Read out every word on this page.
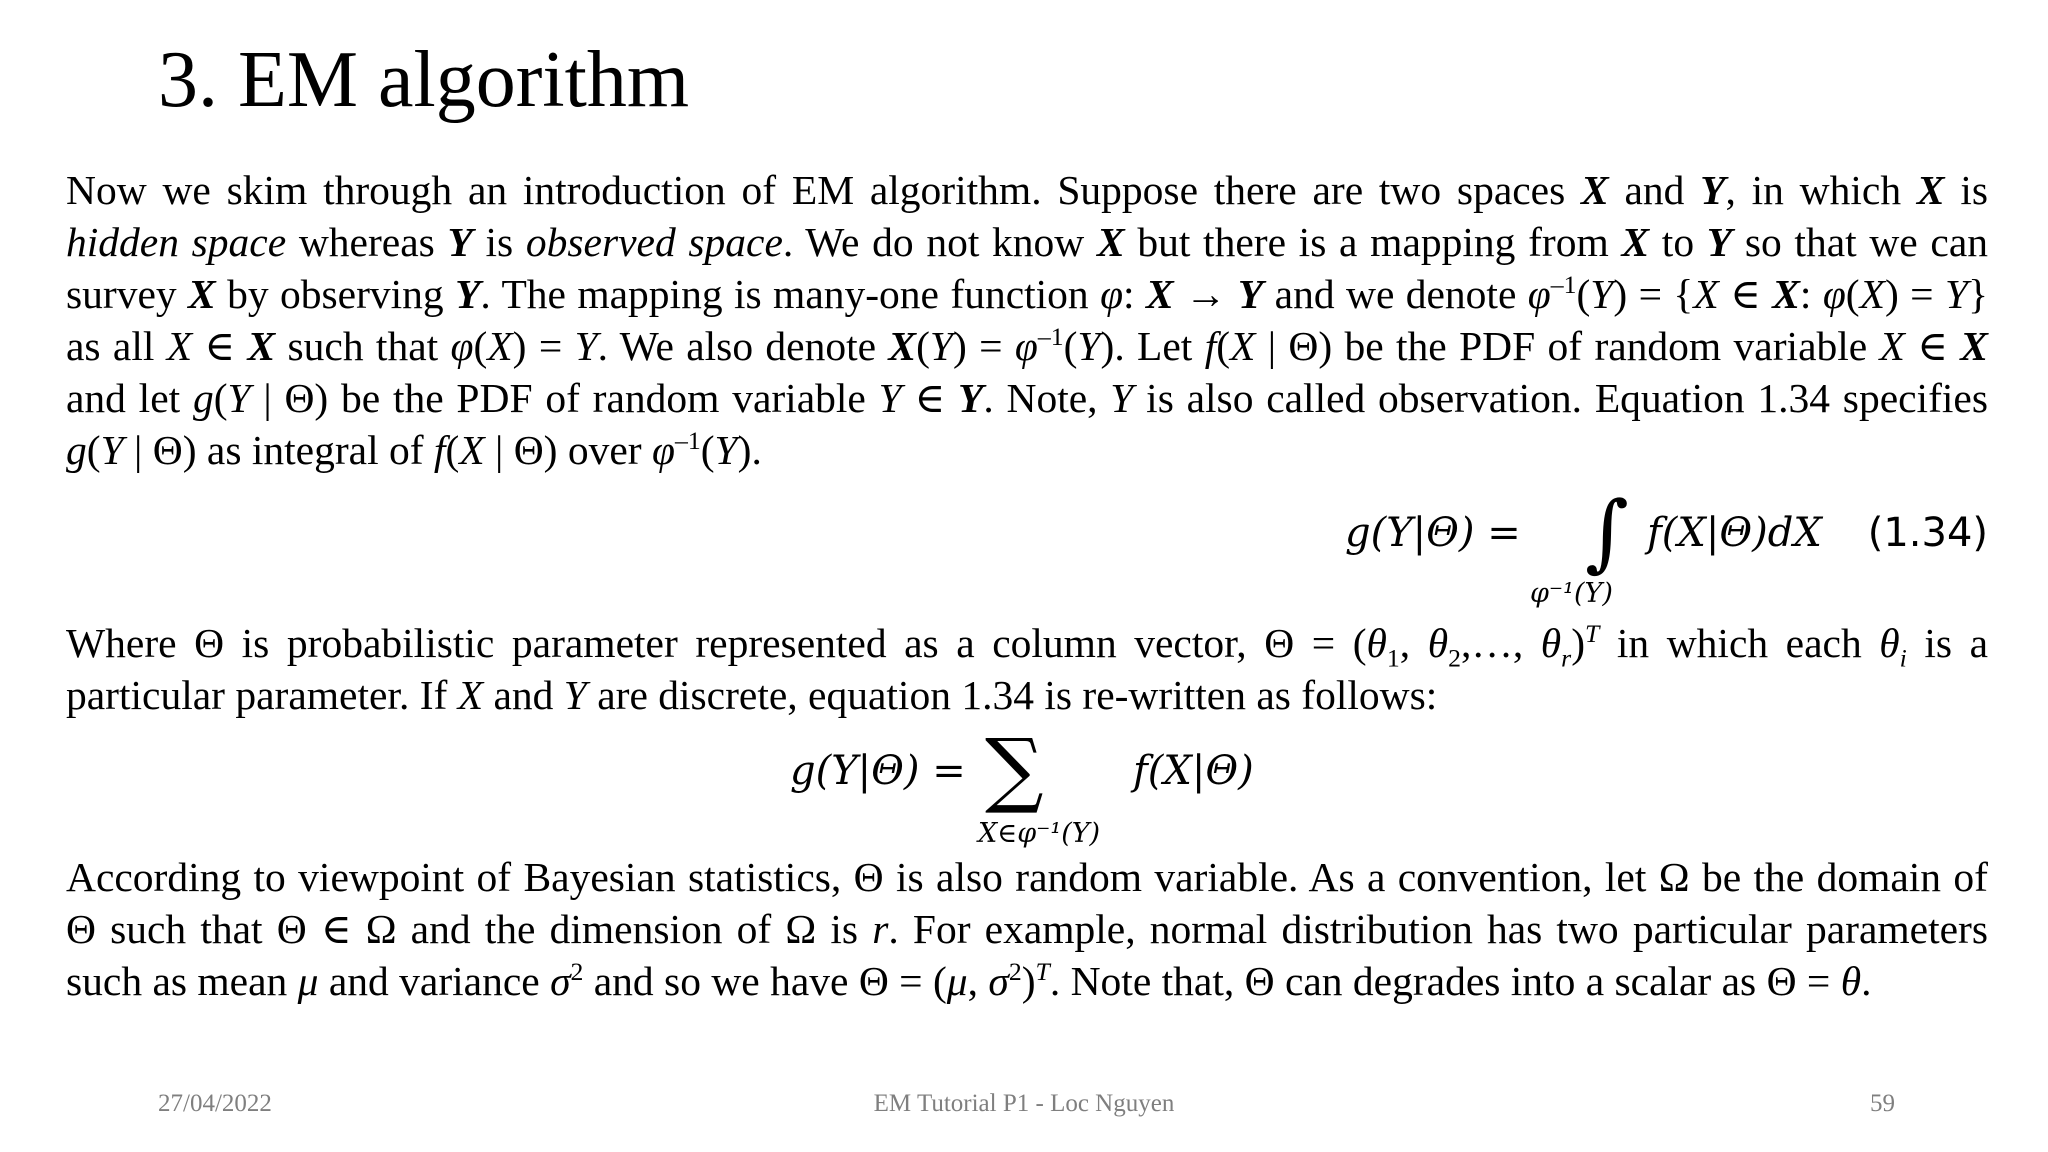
3. EM algorithm

Now we skim through an introduction of EM algorithm. Suppose there are two spaces X and Y, in which X is hidden space whereas Y is observed space. We do not know X but there is a mapping from X to Y so that we can survey X by observing Y. The mapping is many-one function φ: X → Y and we denote $\varphi^{-1}(Y) = \{X$ ∈ X: φ(X) = Y} as all X ∈ X such that φ(X) = Y. We also denote $X(Y) = \varphi^{-1}(Y)$. Let f(X | Θ) be the PDF of random variable X ∈ X and let g(Y | Θ) be the PDF of random variable Y ∈ Y. Note, Y is also called observation. Equation 1.34 specifies g(Y | Θ) as integral of f(X | Θ) over $\varphi^{-1}(Y)$.

g(Y|Θ) = ∫ f(X|Θ)dX
φ⁻¹(Y)
(1.34)

Where Θ is probabilistic parameter represented as a column vector, $\Theta = (\theta_1$, $\theta_2,\dots$, $\theta_r)^T$ in which each $\theta_i$ is a particular parameter. If X and Y are discrete, equation 1.34 is re-written as follows:

g(Y|Θ) = ∑ f(X|Θ)
X∈φ⁻¹(Y)

According to viewpoint of Bayesian statistics, Θ is also random variable. As a convention, let Ω be the domain of Θ such that Θ ∈ Ω and the dimension of Ω is r. For example, normal distribution has two particular parameters such as mean μ and variance $\sigma^2$ and so we have Θ = (μ, $\sigma^2)^T$. Note that, Θ can degrades into a scalar as Θ = θ.

27/04/2022	EM Tutorial P1 - Loc Nguyen	59
